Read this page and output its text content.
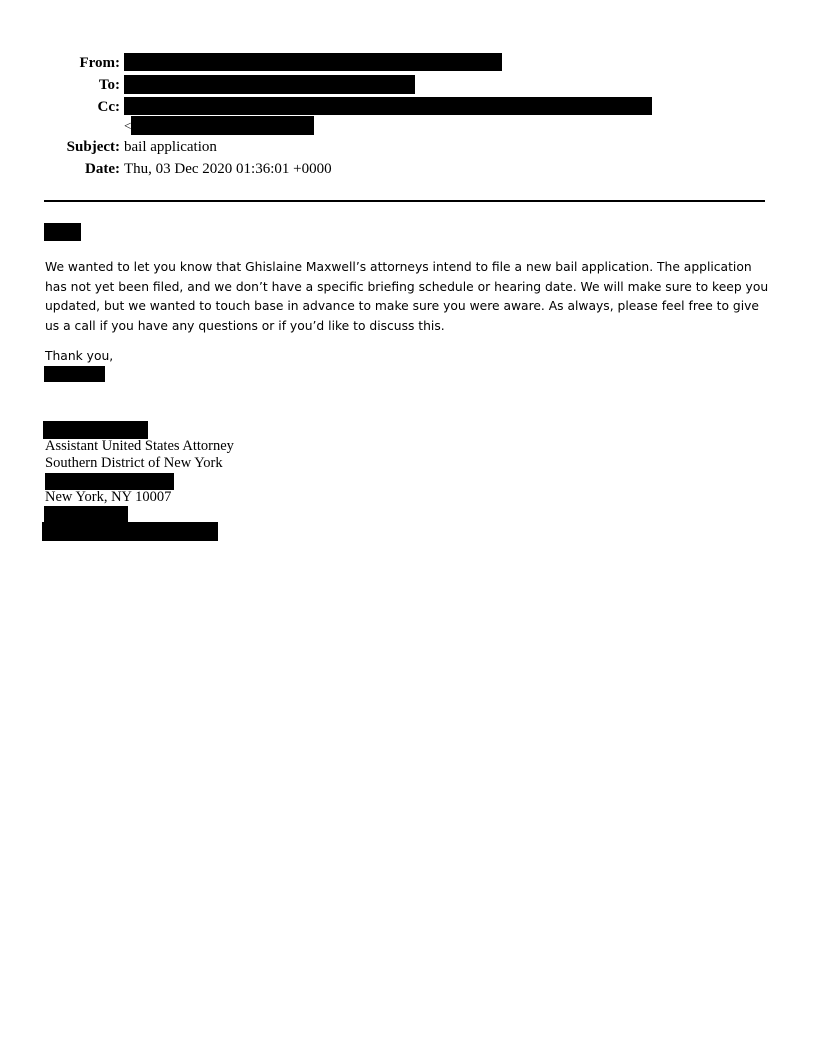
From:
To:
Cc:
<
Subject: bail application
Date: Thu, 03 Dec 2020 01:36:01 +0000

We wanted to let you know that Ghislaine Maxwell’s attorneys intend to file a new bail application. The application has not yet been filed, and we don’t have a specific briefing schedule or hearing date. We will make sure to keep you updated, but we wanted to touch base in advance to make sure you were aware. As always, please feel free to give us a call if you have any questions or if you’d like to discuss this.

Thank you,

Assistant United States Attorney
Southern District of New York
New York, NY 10007
